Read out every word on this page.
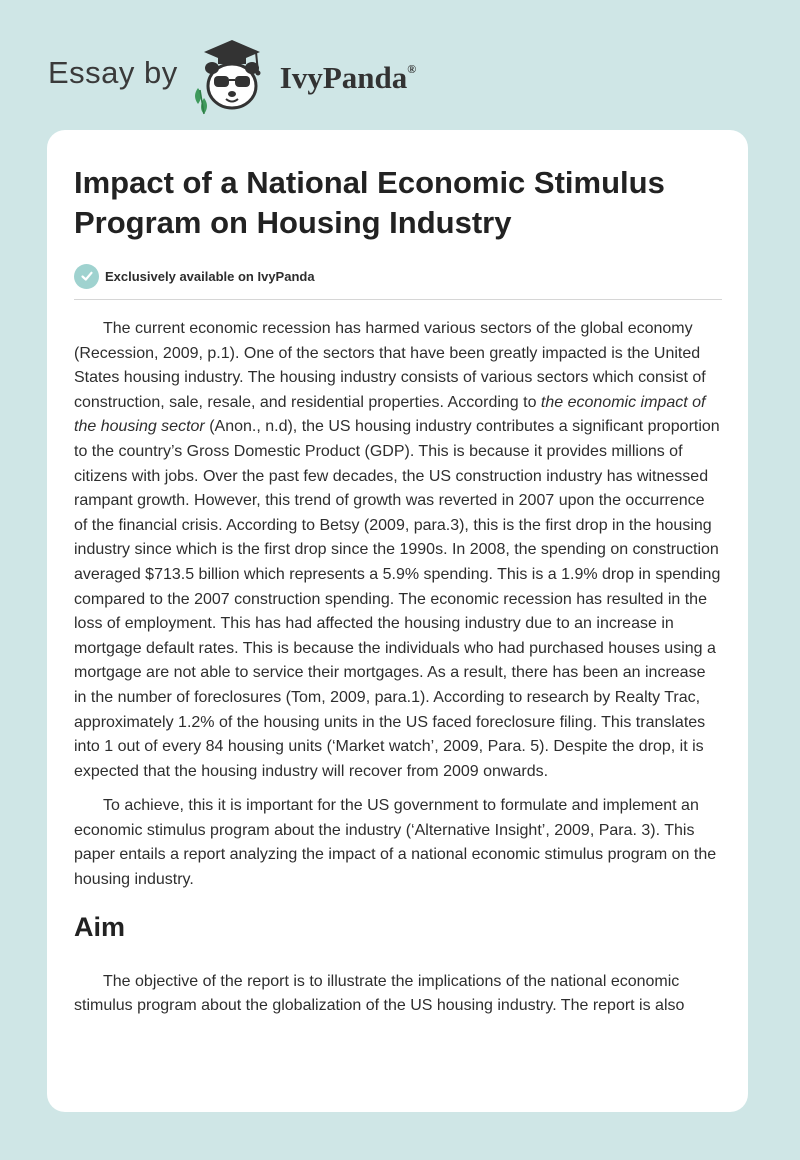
Essay by	IvyPanda®
Impact of a National Economic Stimulus Program on Housing Industry
Exclusively available on IvyPanda

The current economic recession has harmed various sectors of the global economy (Recession, 2009, p.1). One of the sectors that have been greatly impacted is the United States housing industry. The housing industry consists of various sectors which consist of construction, sale, resale, and residential properties. According to the economic impact of the housing sector (Anon., n.d), the US housing industry contributes a significant proportion to the country’s Gross Domestic Product (GDP). This is because it provides millions of citizens with jobs. Over the past few decades, the US construction industry has witnessed rampant growth. However, this trend of growth was reverted in 2007 upon the occurrence of the financial crisis. According to Betsy (2009, para.3), this is the first drop in the housing industry since which is the first drop since the 1990s. In 2008, the spending on construction averaged $713.5 billion which represents a 5.9% spending. This is a 1.9% drop in spending compared to the 2007 construction spending. The economic recession has resulted in the loss of employment. This has had affected the housing industry due to an increase in mortgage default rates. This is because the individuals who had purchased houses using a mortgage are not able to service their mortgages. As a result, there has been an increase in the number of foreclosures (Tom, 2009, para.1). According to research by Realty Trac, approximately 1.2% of the housing units in the US faced foreclosure filing. This translates into 1 out of every 84 housing units (‘Market watch’, 2009, Para. 5). Despite the drop, it is expected that the housing industry will recover from 2009 onwards.

To achieve, this it is important for the US government to formulate and implement an economic stimulus program about the industry (‘Alternative Insight’, 2009, Para. 3). This paper entails a report analyzing the impact of a national economic stimulus program on the housing industry.

Aim

The objective of the report is to illustrate the implications of the national economic stimulus program about the globalization of the US housing industry. The report is also
